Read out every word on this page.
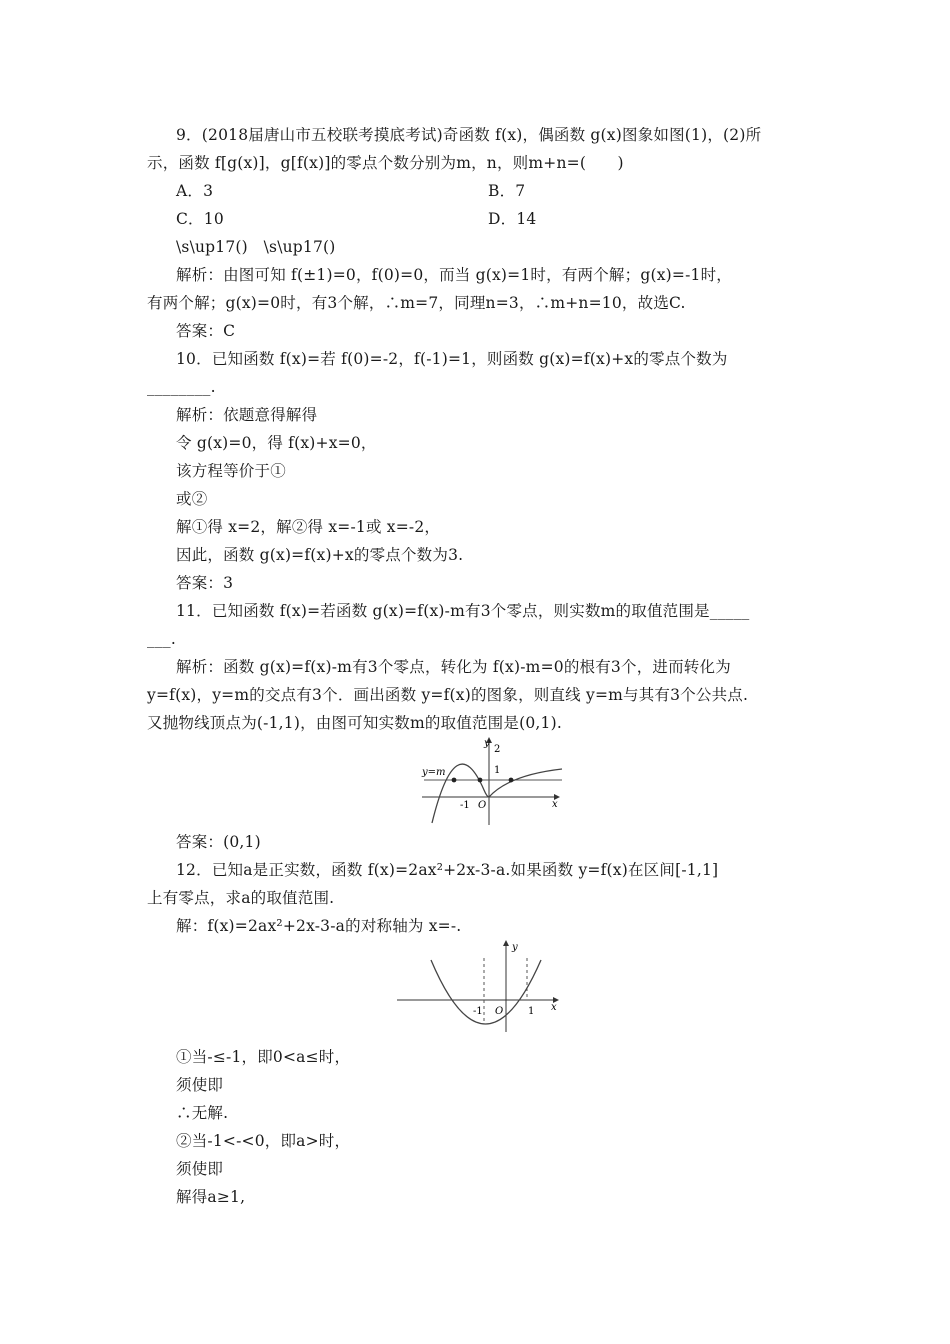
9．(2018届唐山市五校联考摸底考试)奇函数 f(x)，偶函数 g(x)图象如图(1)，(2)所
示，函数 f[g(x)]，g[f(x)]的零点个数分别为m，n，则m+n=(　　)
A．3	B．7
C．10	D．14
\s\up17()　\s\up17()
解析：由图可知 f(±1)=0，f(0)=0，而当 g(x)=1时，有两个解；g(x)=-1时，
有两个解；g(x)=0时，有3个解，∴m=7，同理n=3，∴m+n=10，故选C.
答案：C
10．已知函数 f(x)=若 f(0)=-2，f(-1)=1，则函数 g(x)=f(x)+x的零点个数为
________.
解析：依题意得解得
令 g(x)=0，得 f(x)+x=0，
该方程等价于①
或②
解①得 x=2，解②得 x=-1或 x=-2，
因此，函数 g(x)=f(x)+x的零点个数为3.
答案：3
11．已知函数 f(x)=若函数 g(x)=f(x)-m有3个零点，则实数m的取值范围是_____
___.
解析：函数 g(x)=f(x)-m有3个零点，转化为 f(x)-m=0的根有3个，进而转化为
y=f(x)，y=m的交点有3个．画出函数 y=f(x)的图象，则直线 y=m与其有3个公共点.
又抛物线顶点为(-1,1)，由图可知实数m的取值范围是(0,1).
y
2
1
-1 O	x
y=m
答案：(0,1)
12．已知a是正实数，函数 f(x)=2ax²+2x-3-a.如果函数 y=f(x)在区间[-1,1]
上有零点，求a的取值范围.
解：f(x)=2ax²+2x-3-a的对称轴为 x=-.
y
-1 O 1 x
①当-≤-1，即0<a≤时，
须使即
∴无解.
②当-1<-<0，即a>时，
须使即
解得a≥1,
